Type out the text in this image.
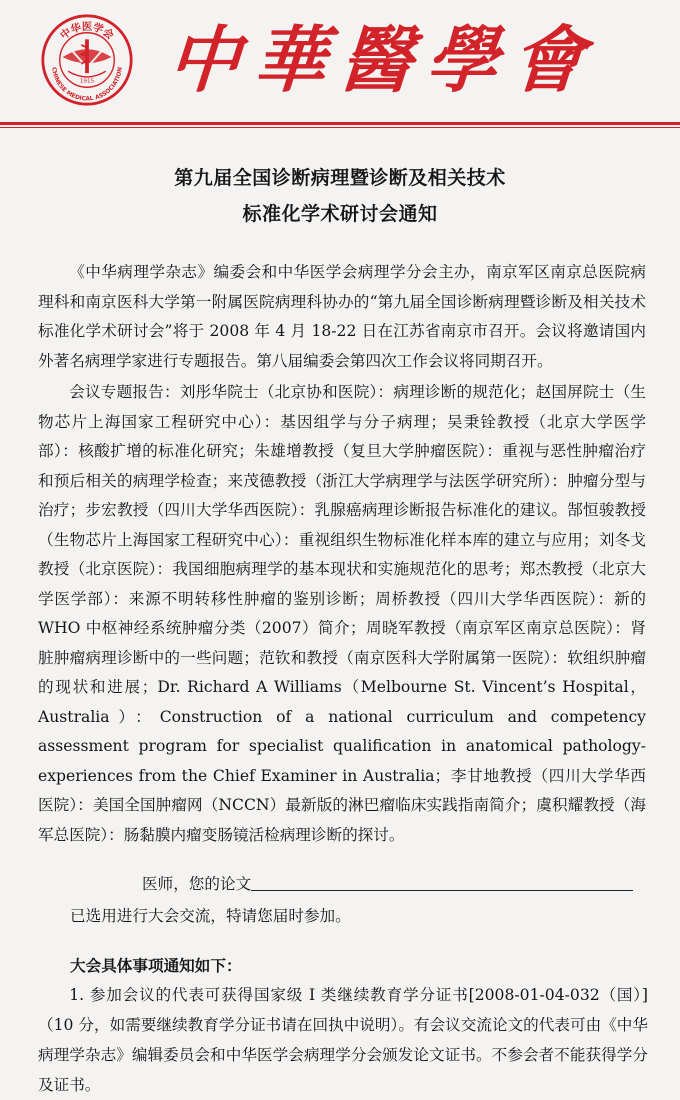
中华医学会
CHINESE MEDICAL ASSOCIATION
1915 中華醫學會
第九届全国诊断病理暨诊断及相关技术
标准化学术研讨会通知

《中华病理学杂志》编委会和中华医学会病理学分会主办，南京军区南京总医院病理科和南京医科大学第一附属医院病理科协办的“第九届全国诊断病理暨诊断及相关技术标准化学术研讨会”将于 2008 年 4 月 18-22 日在江苏省南京市召开。会议将邀请国内外著名病理学家进行专题报告。第八届编委会第四次工作会议将同期召开。

会议专题报告：刘彤华院士（北京协和医院）：病理诊断的规范化；赵国屏院士（生物芯片上海国家工程研究中心）：基因组学与分子病理；吴秉铨教授（北京大学医学部）：核酸扩增的标准化研究；朱雄增教授（复旦大学肿瘤医院）：重视与恶性肿瘤治疗和预后相关的病理学检查；来茂德教授（浙江大学病理学与法医学研究所）：肿瘤分型与治疗；步宏教授（四川大学华西医院）：乳腺癌病理诊断报告标准化的建议。郜恒骏教授（生物芯片上海国家工程研究中心）：重视组织生物标准化样本库的建立与应用；刘冬戈教授（北京医院）：我国细胞病理学的基本现状和实施规范化的思考；郑杰教授（北京大学医学部）：来源不明转移性肿瘤的鉴别诊断；周桥教授（四川大学华西医院）：新的 WHO 中枢神经系统肿瘤分类（2007）简介；周晓军教授（南京军区南京总医院）：肾脏肿瘤病理诊断中的一些问题；范钦和教授（南京医科大学附属第一医院）：软组织肿瘤的现状和进展；Dr. Richard A Williams（Melbourne St. Vincent’s Hospital，Australia）：Construction of a national curriculum and competency assessment program for specialist qualification in anatomical pathology-experiences from the Chief Examiner in Australia；李甘地教授（四川大学华西医院）：美国全国肿瘤网（NCCN）最新版的淋巴瘤临床实践指南简介；虞积耀教授（海军总医院）：肠黏膜内瘤变肠镜活检病理诊断的探讨。

医师，您的论文
已选用进行大会交流，特请您届时参加。
大会具体事项通知如下：

1. 参加会议的代表可获得国家级 I 类继续教育学分证书[2008-01-04-032（国）]（10 分，如需要继续教育学分证书请在回执中说明）。有会议交流论文的代表可由《中华病理学杂志》编辑委员会和中华医学会病理学分会颁发论文证书。不参会者不能获得学分及证书。
